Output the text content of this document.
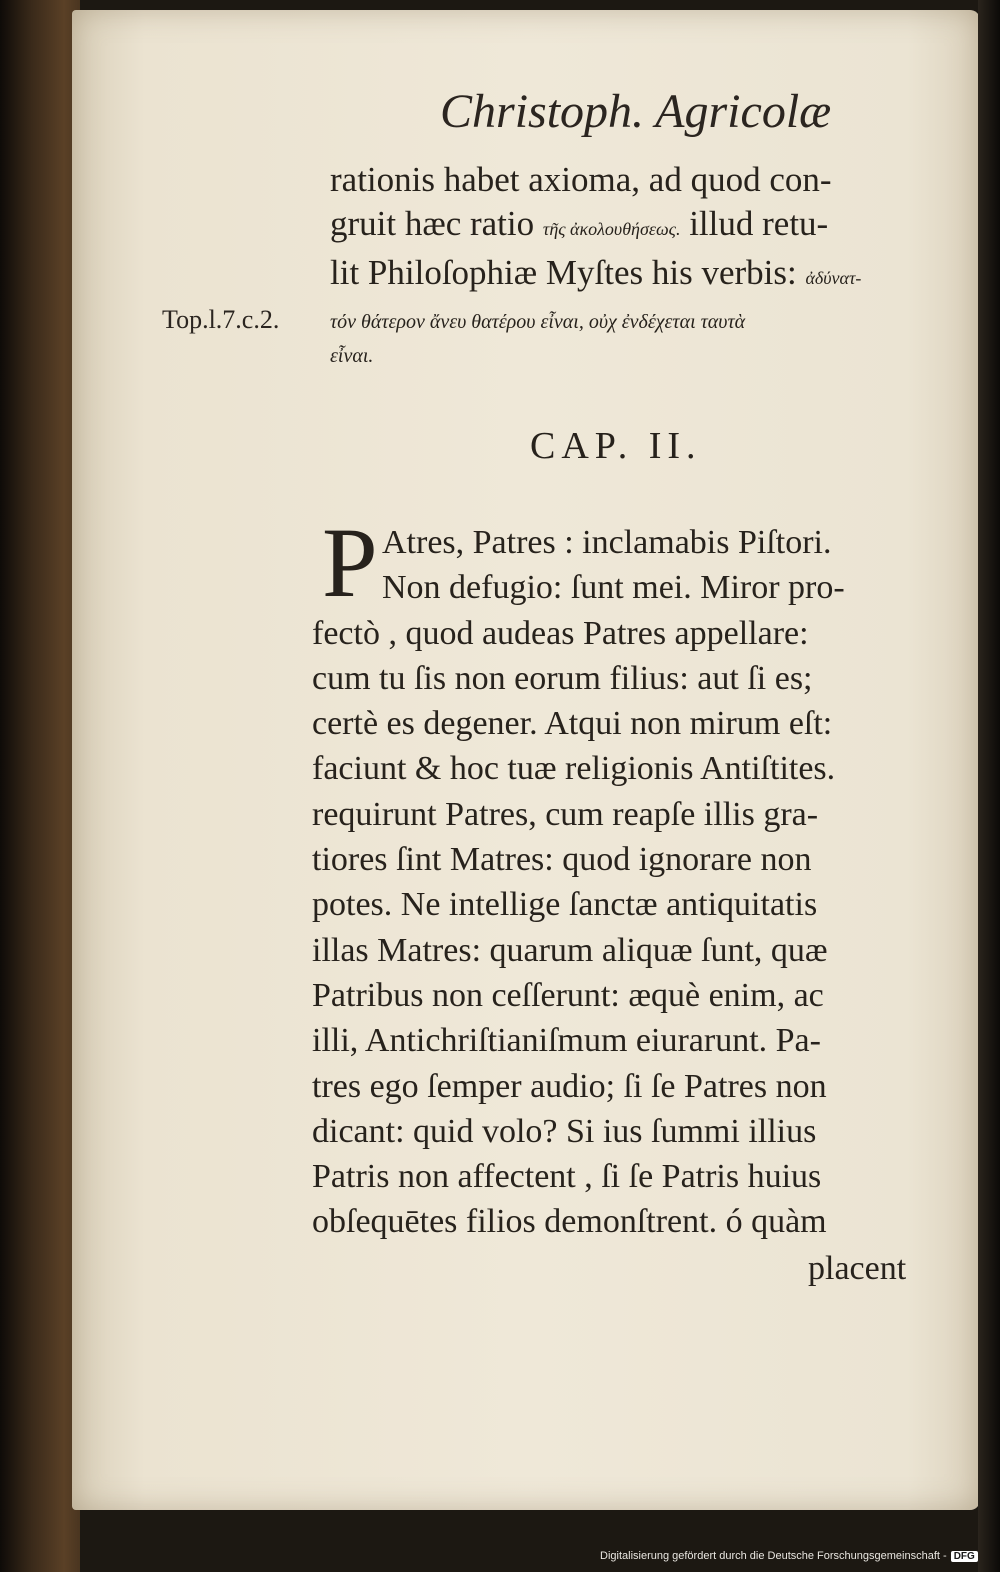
Christoph. Agricolæ
Top.l.7.c.2.
rationis habet axioma, ad quod con-
gruit hæc ratio τῆς ἀκολουθήσεως. illud retu-
lit Philoſophiæ Myſtes his verbis: ἀδύνατ-
τόν θάτερον ἄνευ θατέρου εἶναι, οὐχ ἐνδέχεται ταυτὰ
εἶναι.
CAP. II.
P Atres, Patres : inclamabis Piſtori.
Non defugio: ſunt mei. Miror pro-
fectò , quod audeas Patres appellare:
cum tu ſis non eorum filius: aut ſi es;
certè es degener. Atqui non mirum eſt:
faciunt & hoc tuæ religionis Antiſtites.
requirunt Patres, cum reapſe illis gra-
tiores ſint Matres: quod ignorare non
potes. Ne intellige ſanctæ antiquitatis
illas Matres: quarum aliquæ ſunt, quæ
Patribus non ceſſerunt: æquè enim, ac
illi, Antichriſtianiſmum eiurarunt. Pa-
tres ego ſemper audio; ſi ſe Patres non
dicant: quid volo? Si ius ſummi illius
Patris non affectent , ſi ſe Patris huius
obſequētes filios demonſtrent. ó quàm
placent
Digitalisierung gefördert durch die Deutsche Forschungsgemeinschaft - DFG
